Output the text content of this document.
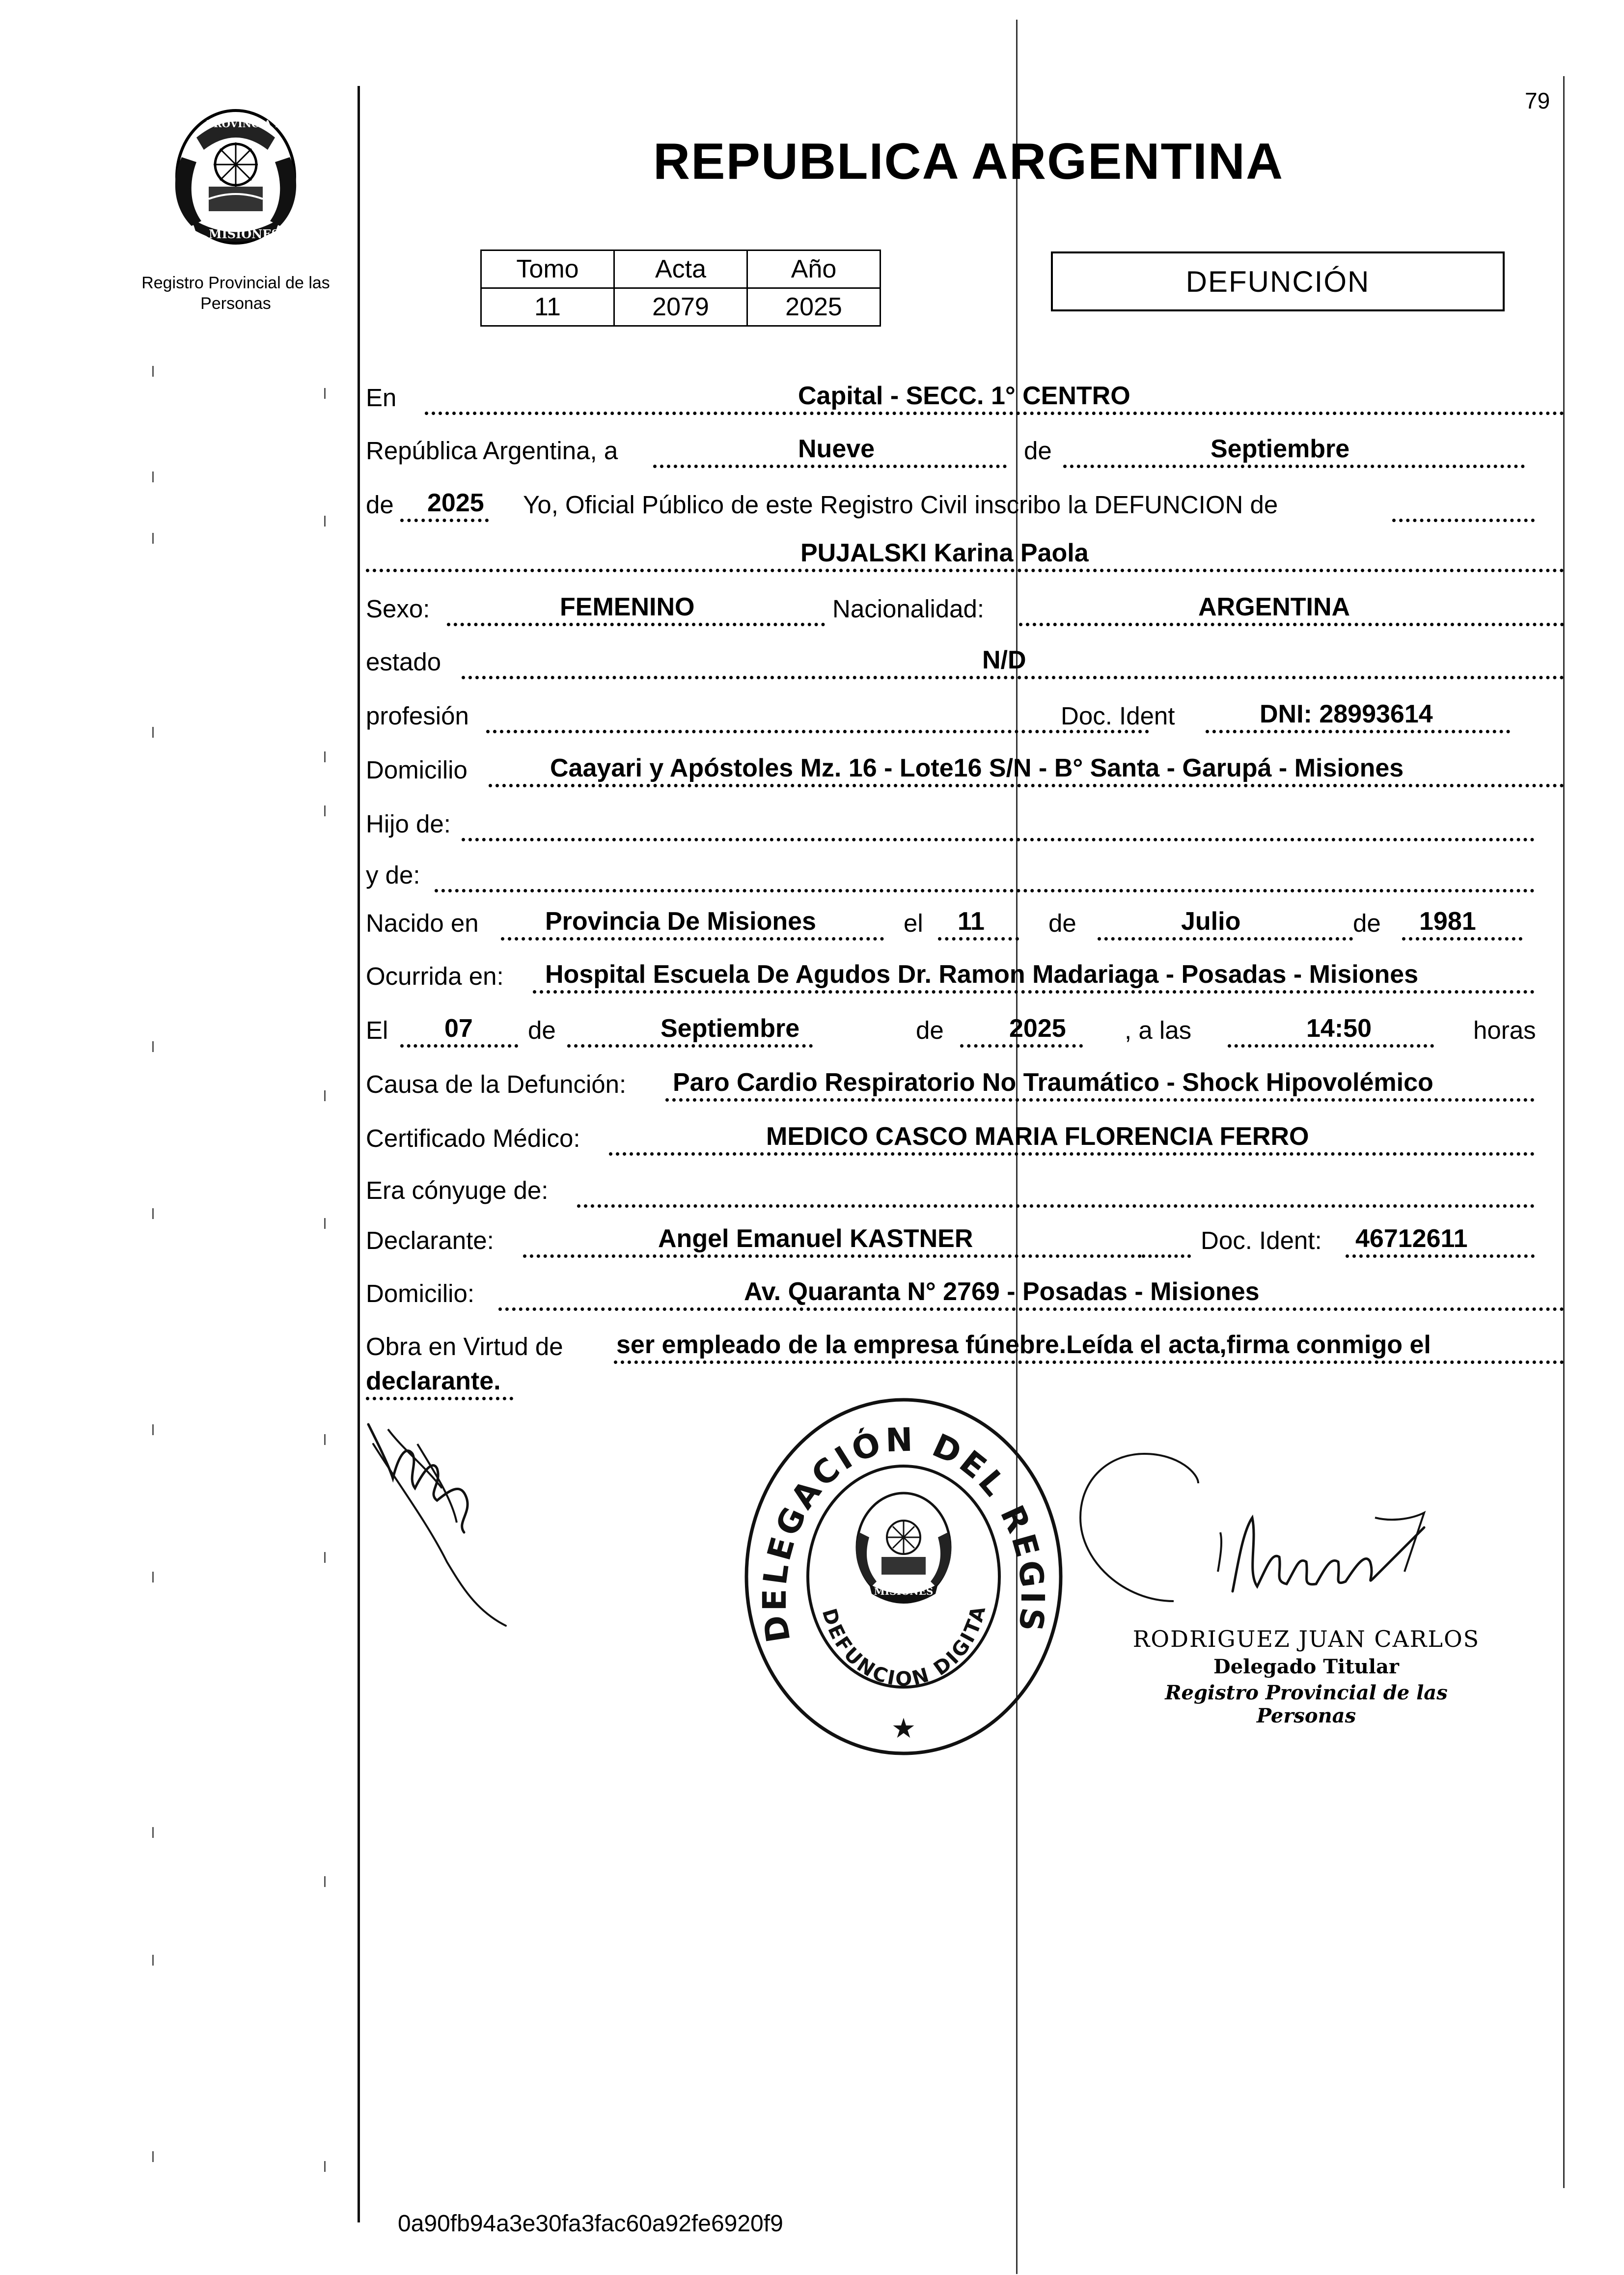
PROVINCIA DE
MISIONES
Registro Provincial de las Personas
79
REPUBLICA ARGENTINA
Tomo	Acta	Año
11	2079	2025
DEFUNCIÓN
En	Capital - SECC. 1° CENTRO
República Argentina, a	Nueve	de	Septiembre
de 2025 Yo, Oficial Público de este Registro Civil inscribo la DEFUNCION de
PUJALSKI Karina Paola
Sexo:	FEMENINO	Nacionalidad:	ARGENTINA
estado	N/D
profesión	Doc. Ident	DNI: 28993614
Domicilio	Caayari y Apóstoles Mz. 16 - Lote16 S/N - B° Santa - Garupá - Misiones
Hijo de:
y de:
Nacido en	Provincia De Misiones	el 11	de	Julio	de 1981
Ocurrida en: Hospital Escuela De Agudos Dr. Ramon Madariaga - Posadas - Misiones
El 07 de	Septiembre	de	2025 , a las	14:50	horas
Causa de la Defunción: Paro Cardio Respiratorio No Traumático - Shock Hipovolémico
Certificado Médico:	MEDICO CASCO MARIA FLORENCIA FERRO
Era cónyuge de:
Declarante:	Angel Emanuel KASTNER	Doc. Ident: 46712611
Domicilio:	Av. Quaranta N° 2769 - Posadas - Misiones
Obra en Virtud de ser empleado de la empresa fúnebre.Leída el acta,firma conmigo el
declarante.
DELEGACIÓN DEL REGIS
DEFUNCION DIGITA
MISIONES
★
RODRIGUEZ JUAN CARLOS
Delegado Titular
Registro Provincial de las Personas
0a90fb94a3e30fa3fac60a92fe6920f9
